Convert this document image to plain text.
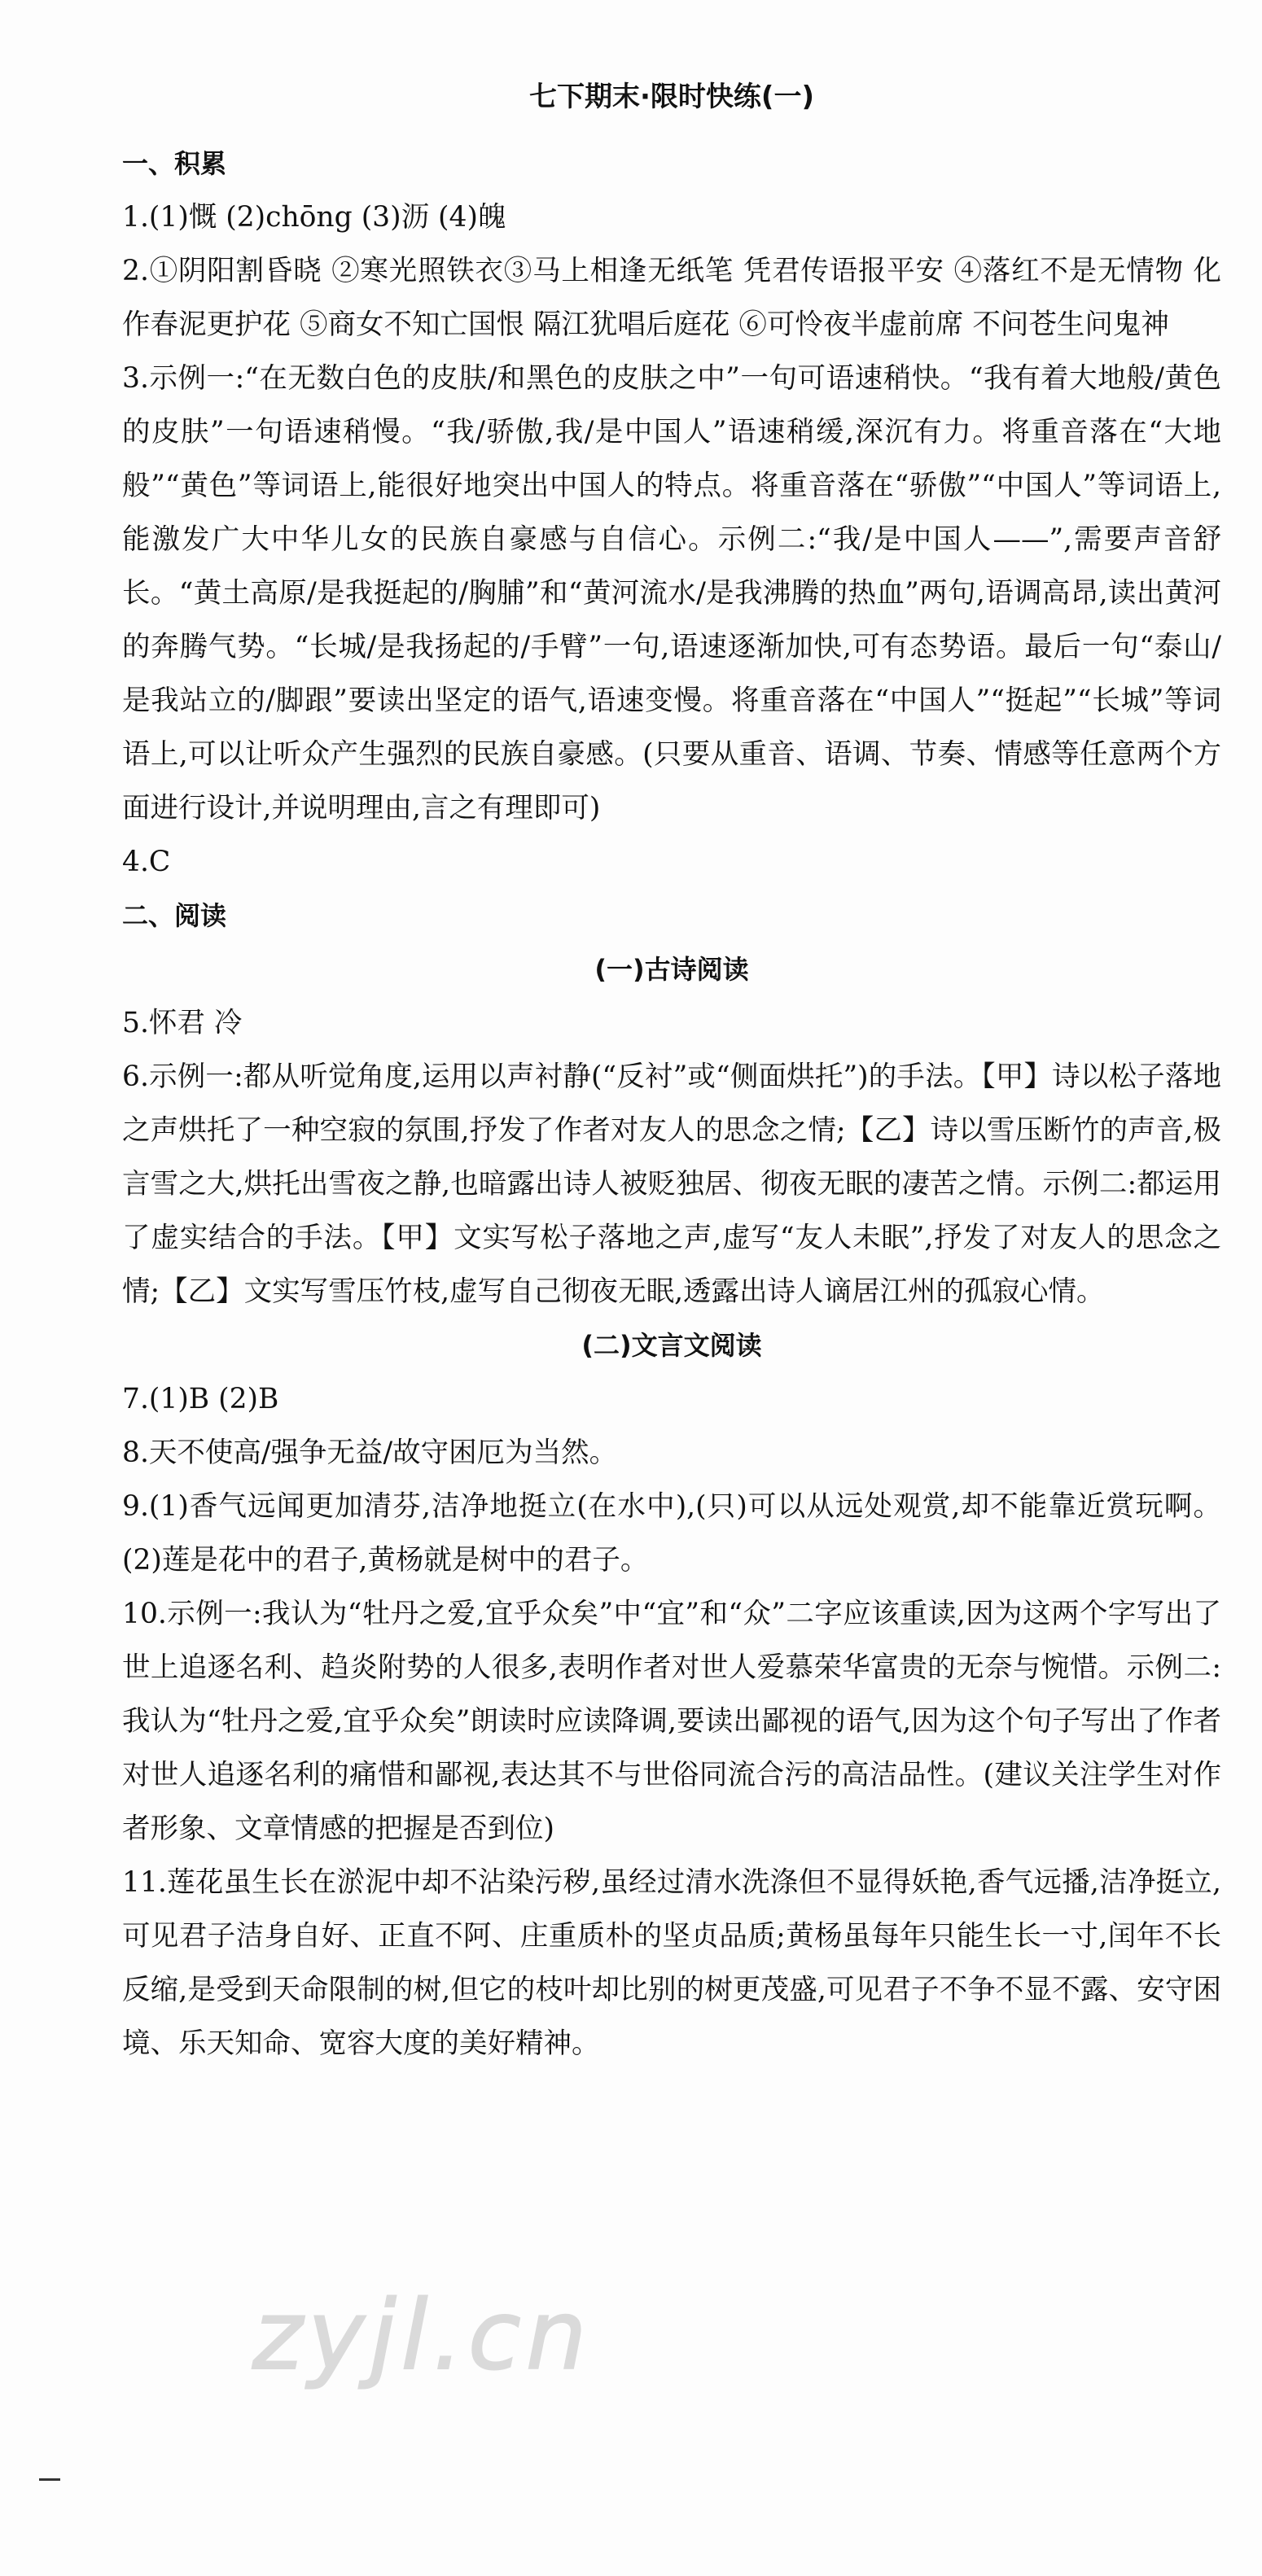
七下期末·限时快练(一)
一、积累

1.(1)慨 (2)chōng (3)沥 (4)魄

2.①阴阳割昏晓 ②寒光照铁衣③马上相逢无纸笔 凭君传语报平安 ④落红不是无情物 化作春泥更护花 ⑤商女不知亡国恨 隔江犹唱后庭花 ⑥可怜夜半虚前席 不问苍生问鬼神

3.示例一:“在无数白色的皮肤/和黑色的皮肤之中”一句可语速稍快。“我有着大地般/黄色的皮肤”一句语速稍慢。“我/骄傲,我/是中国人”语速稍缓,深沉有力。将重音落在“大地般”“黄色”等词语上,能很好地突出中国人的特点。将重音落在“骄傲”“中国人”等词语上,能激发广大中华儿女的民族自豪感与自信心。示例二:“我/是中国人——”,需要声音舒长。“黄土高原/是我挺起的/胸脯”和“黄河流水/是我沸腾的热血”两句,语调高昂,读出黄河的奔腾气势。“长城/是我扬起的/手臂”一句,语速逐渐加快,可有态势语。最后一句“泰山/是我站立的/脚跟”要读出坚定的语气,语速变慢。将重音落在“中国人”“挺起”“长城”等词语上,可以让听众产生强烈的民族自豪感。(只要从重音、语调、节奏、情感等任意两个方面进行设计,并说明理由,言之有理即可)

4.C

二、阅读
(一)古诗阅读

5.怀君 冷

6.示例一:都从听觉角度,运用以声衬静(“反衬”或“侧面烘托”)的手法。【甲】诗以松子落地之声烘托了一种空寂的氛围,抒发了作者对友人的思念之情;【乙】诗以雪压断竹的声音,极言雪之大,烘托出雪夜之静,也暗露出诗人被贬独居、彻夜无眠的凄苦之情。示例二:都运用了虚实结合的手法。【甲】文实写松子落地之声,虚写“友人未眠”,抒发了对友人的思念之情;【乙】文实写雪压竹枝,虚写自己彻夜无眠,透露出诗人谪居江州的孤寂心情。

(二)文言文阅读

7.(1)B (2)B

8.天不使高/强争无益/故守困厄为当然。

9.(1)香气远闻更加清芬,洁净地挺立(在水中),(只)可以从远处观赏,却不能靠近赏玩啊。(2)莲是花中的君子,黄杨就是树中的君子。

10.示例一:我认为“牡丹之爱,宜乎众矣”中“宜”和“众”二字应该重读,因为这两个字写出了世上追逐名利、趋炎附势的人很多,表明作者对世人爱慕荣华富贵的无奈与惋惜。示例二:我认为“牡丹之爱,宜乎众矣”朗读时应读降调,要读出鄙视的语气,因为这个句子写出了作者对世人追逐名利的痛惜和鄙视,表达其不与世俗同流合污的高洁品性。(建议关注学生对作者形象、文章情感的把握是否到位)

11.莲花虽生长在淤泥中却不沾染污秽,虽经过清水洗涤但不显得妖艳,香气远播,洁净挺立,可见君子洁身自好、正直不阿、庄重质朴的坚贞品质;黄杨虽每年只能生长一寸,闰年不长反缩,是受到天命限制的树,但它的枝叶却比别的树更茂盛,可见君子不争不显不露、安守困境、乐天知命、宽容大度的美好精神。

zyjl.cn
